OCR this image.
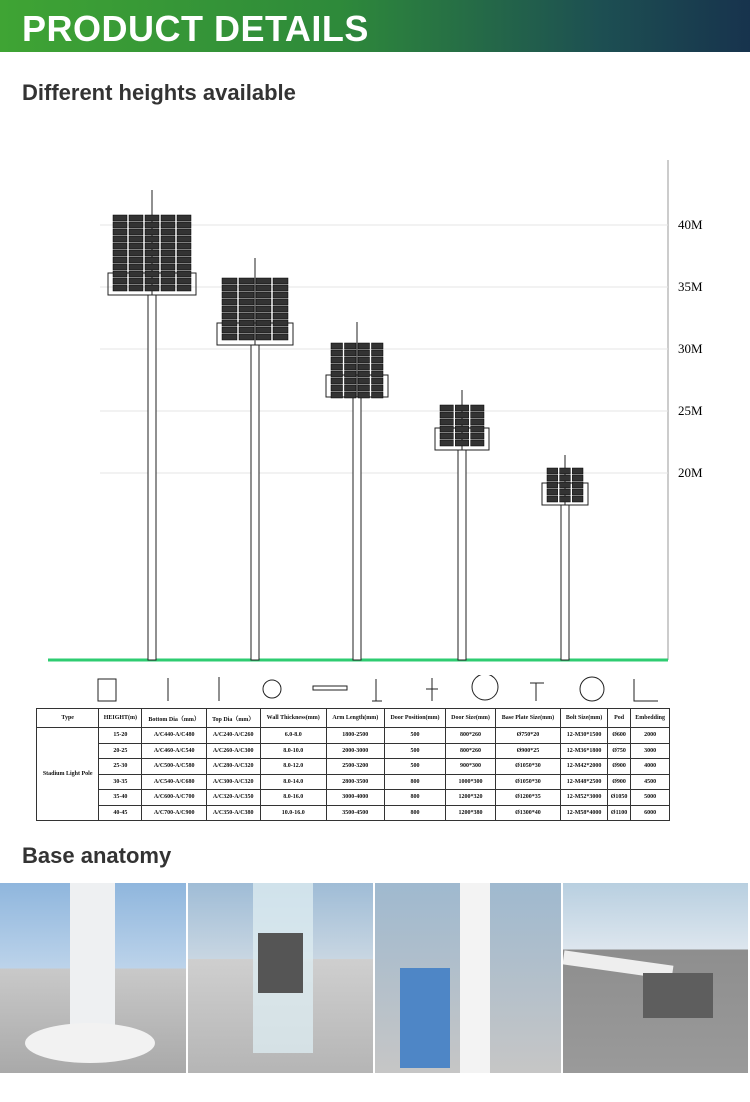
PRODUCT DETAILS
Different heights available
40M
35M
30M
25M
20M
Type	HEIGHT(m)	Bottom Dia（mm）	Top Dia（mm）	Wall Thickness(mm)	Arm Length(mm)	Door Position(mm)	Door Size(mm)	Base Plate Size(mm)	Bolt Size(mm)	Pod	Embedding
Stadium Light Pole	15-20	A/C440-A/C480	A/C240-A/C260	6.0-8.0	1800-2500	500	800*260	Ø750*20	12-M30*1500	Ø600	2000
	20-25	A/C460-A/C540	A/C260-A/C300	8.0-10.0	2000-3000	500	800*260	Ø900*25	12-M36*1800	Ø750	3000
	25-30	A/C500-A/C580	A/C280-A/C320	8.0-12.0	2500-3200	500	900*300	Ø1050*30	12-M42*2000	Ø900	4000
	30-35	A/C540-A/C680	A/C300-A/C320	8.0-14.0	2800-3500	800	1000*300	Ø1050*30	12-M48*2500	Ø900	4500
	35-40	A/C600-A/C700	A/C320-A/C350	8.0-16.0	3000-4000	800	1200*320	Ø1200*35	12-M52*3000	Ø1050	5000
	40-45	A/C700-A/C900	A/C350-A/C380	10.0-16.0	3500-4500	800	1200*380	Ø1300*40	12-M58*4000	Ø1100	6000
Base anatomy
